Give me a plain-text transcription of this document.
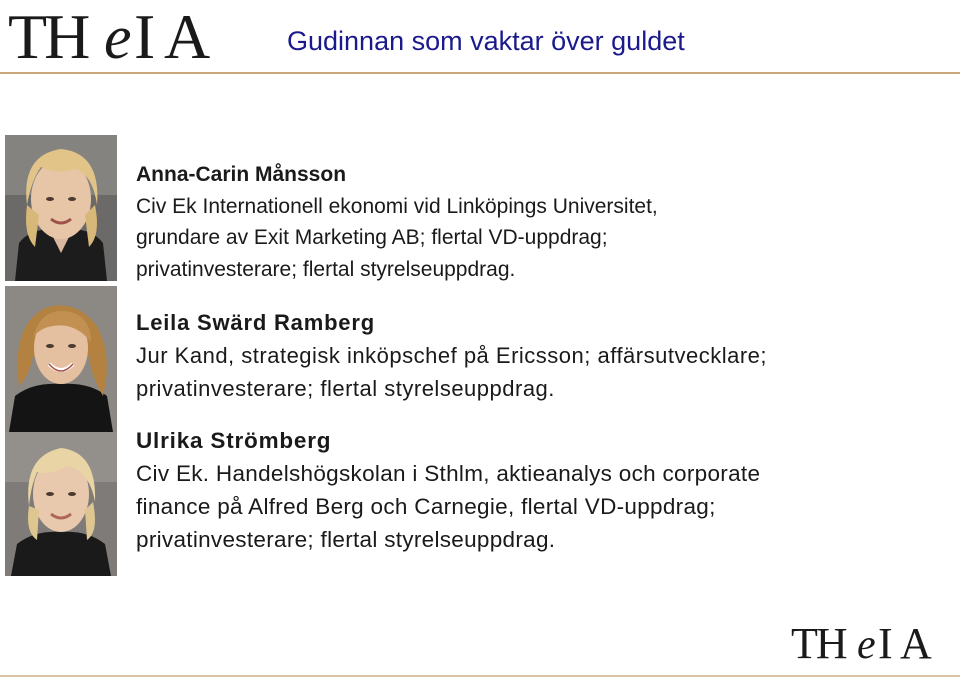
TH e I A	Gudinnan som vaktar över guldet
Anna-Carin Månsson
Civ Ek Internationell ekonomi vid Linköpings Universitet,
grundare av Exit Marketing AB; flertal VD-uppdrag;
privatinvesterare; flertal styrelseuppdrag.
Leila Swärd Ramberg
Jur Kand, strategisk inköpschef på Ericsson; affärsutvecklare;
privatinvesterare; flertal styrelseuppdrag.
Ulrika Strömberg
Civ Ek. Handelshögskolan i Sthlm, aktieanalys och corporate
finance på Alfred Berg och Carnegie, flertal VD-uppdrag;
privatinvesterare; flertal styrelseuppdrag.
TH e I A
